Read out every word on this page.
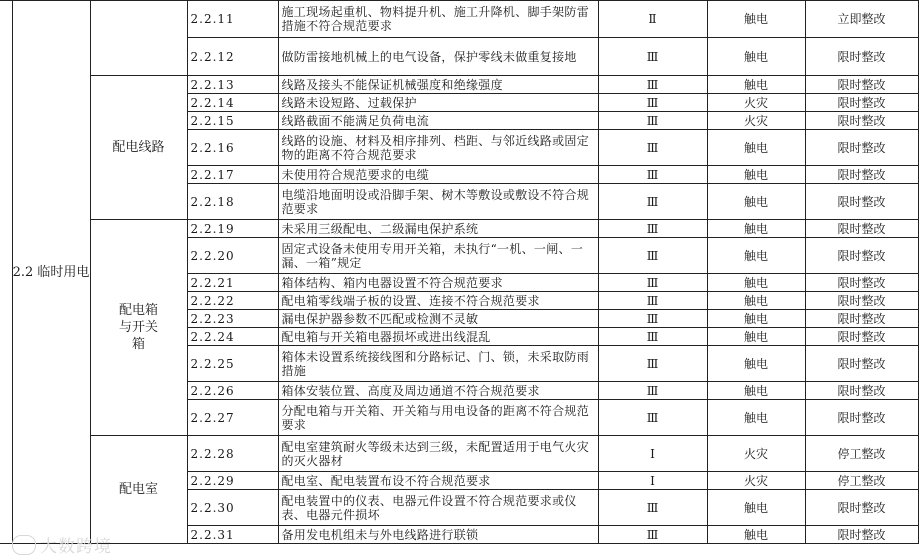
	2.2 临时用电		2.2.11	施工现场起重机、物料提升机、施工升降机、脚手架防雷措施不符合规范要求	Ⅱ	触电	立即整改
			2.2.12	做防雷接地机械上的电气设备，保护零线未做重复接地	Ⅲ	触电	限时整改
		配电线路	2.2.13	线路及接头不能保证机械强度和绝缘强度	Ⅲ	触电	限时整改
			2.2.14	线路未设短路、过载保护	Ⅲ	火灾	限时整改
			2.2.15	线路截面不能满足负荷电流	Ⅲ	火灾	限时整改
			2.2.16	线路的设施、材料及相序排列、档距、与邻近线路或固定物的距离不符合规范要求	Ⅲ	触电	限时整改
			2.2.17	未使用符合规范要求的电缆	Ⅲ	触电	限时整改
			2.2.18	电缆沿地面明设或沿脚手架、树木等敷设或敷设不符合规范要求	Ⅲ	触电	限时整改
		配电箱与开关箱	2.2.19	未采用三级配电、二级漏电保护系统	Ⅲ	触电	限时整改
			2.2.20	固定式设备未使用专用开关箱，未执行“一机、一闸、一漏、一箱”规定	Ⅲ	触电	限时整改
			2.2.21	箱体结构、箱内电器设置不符合规范要求	Ⅲ	触电	限时整改
			2.2.22	配电箱零线端子板的设置、连接不符合规范要求	Ⅲ	触电	限时整改
			2.2.23	漏电保护器参数不匹配或检测不灵敏	Ⅲ	触电	限时整改
			2.2.24	配电箱与开关箱电器损坏或进出线混乱	Ⅲ	触电	限时整改
			2.2.25	箱体未设置系统接线图和分路标记、门、锁，未采取防雨措施	Ⅲ	触电	限时整改
			2.2.26	箱体安装位置、高度及周边通道不符合规范要求	Ⅲ	触电	限时整改
			2.2.27	分配电箱与开关箱、开关箱与用电设备的距离不符合规范要求	Ⅲ	触电	限时整改
		配电室	2.2.28	配电室建筑耐火等级未达到三级，未配置适用于电气火灾的灭火器材	Ⅰ	火灾	停工整改
			2.2.29	配电室、配电装置布设不符合规范要求	Ⅰ	火灾	停工整改
			2.2.30	配电装置中的仪表、电器元件设置不符合规范要求或仪表、电器元件损坏	Ⅲ	触电	限时整改
			2.2.31	备用发电机组未与外电线路进行联锁	Ⅲ	触电	限时整改
大数跨境
